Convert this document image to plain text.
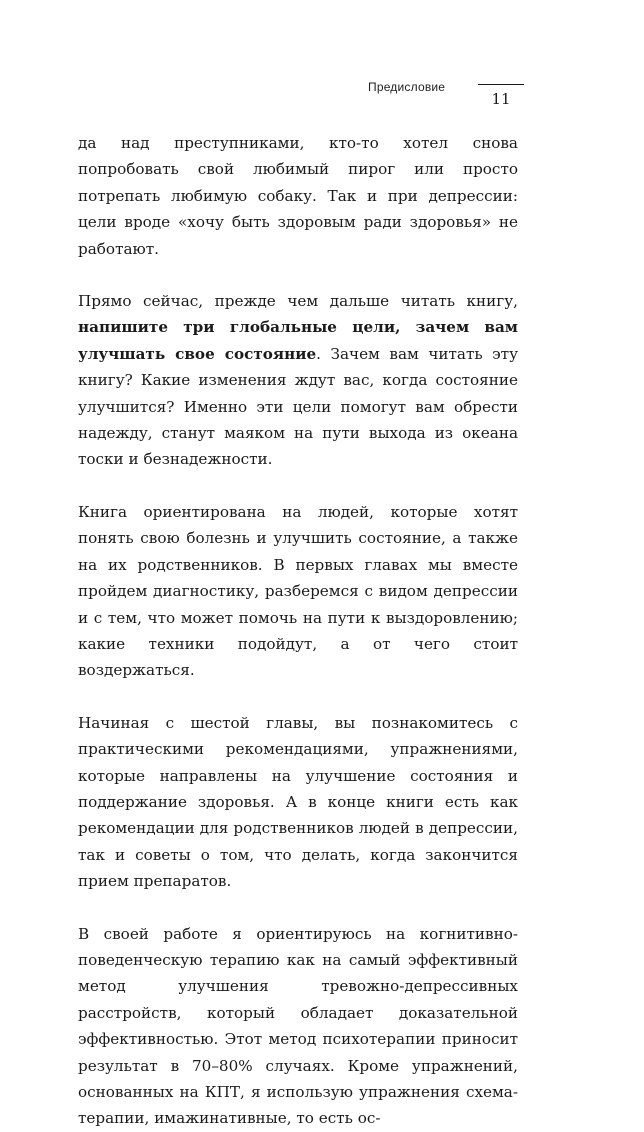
Предисловие
11

да над преступниками, кто-то хотел снова попробовать свой любимый пирог или просто потрепать любимую собаку. Так и при депрессии: цели вроде «хочу быть здоровым ради здоровья» не работают.

Прямо сейчас, прежде чем дальше читать книгу, напишите три глобальные цели, зачем вам улучшать свое состояние. Зачем вам читать эту книгу? Какие изменения ждут вас, когда состояние улучшится? Именно эти цели помогут вам обрести надежду, станут маяком на пути выхода из океана тоски и безнадежности.

Книга ориентирована на людей, которые хотят понять свою болезнь и улучшить состояние, а также на их родственников. В первых главах мы вместе пройдем диагностику, разберемся с видом депрессии и с тем, что может помочь на пути к выздоровлению; какие техники подойдут, а от чего стоит воздержаться.

Начиная с шестой главы, вы познакомитесь с практическими рекомендациями, упражнениями, которые направлены на улучшение состояния и поддержание здоровья. А в конце книги есть как рекомендации для родственников людей в депрессии, так и советы о том, что делать, когда закончится прием препаратов.

В своей работе я ориентируюсь на когнитивно-поведенческую терапию как на самый эффективный метод улучшения тревожно-депрессивных расстройств, который обладает доказательной эффективностью. Этот метод психотерапии приносит результат в 70–80% случаях. Кроме упражнений, основанных на КПТ, я использую упражнения схема-терапии, имажинативные, то есть ос-
